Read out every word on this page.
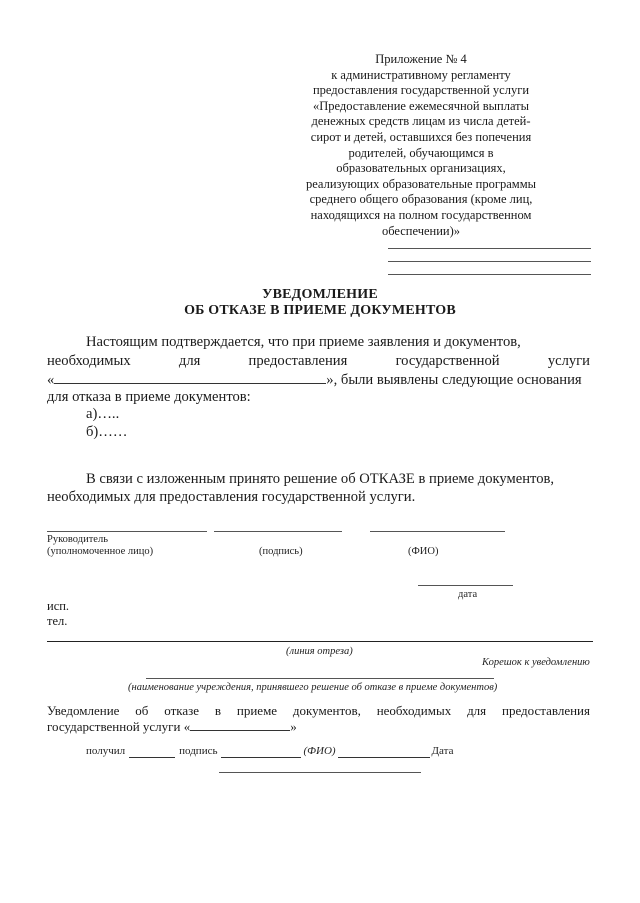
Приложение № 4
к административному регламенту
предоставления государственной услуги
«Предоставление ежемесячной выплаты
денежных средств лицам из числа детей-
сирот и детей, оставшихся без попечения
родителей, обучающимся в
образовательных организациях,
реализующих образовательные программы
среднего общего образования (кроме лиц,
находящихся на полном государственном
обеспечении)»
УВЕДОМЛЕНИЕ
ОБ ОТКАЗЕ В ПРИЕМЕ ДОКУМЕНТОВ
Настоящим подтверждается, что при приеме заявления и документов,
необходимых	для	предоставления	государственной	услуги
«	», были выявлены следующие основания
для отказа в приеме документов:
а)…..
б)……
В связи с изложенным принято решение об ОТКАЗЕ в приеме документов,
необходимых для предоставления государственной услуги.
Руководитель
(уполномоченное лицо)	(подпись)	(ФИО)
дата
исп.
тел.
(линия отреза)
Корешок к уведомлению
(наименование учреждения, принявшего решение об отказе в приеме документов)
Уведомление об отказе в приеме документов, необходимых для предоставления
государственной услуги «	»
получил	подпись	(ФИО)	Дата
